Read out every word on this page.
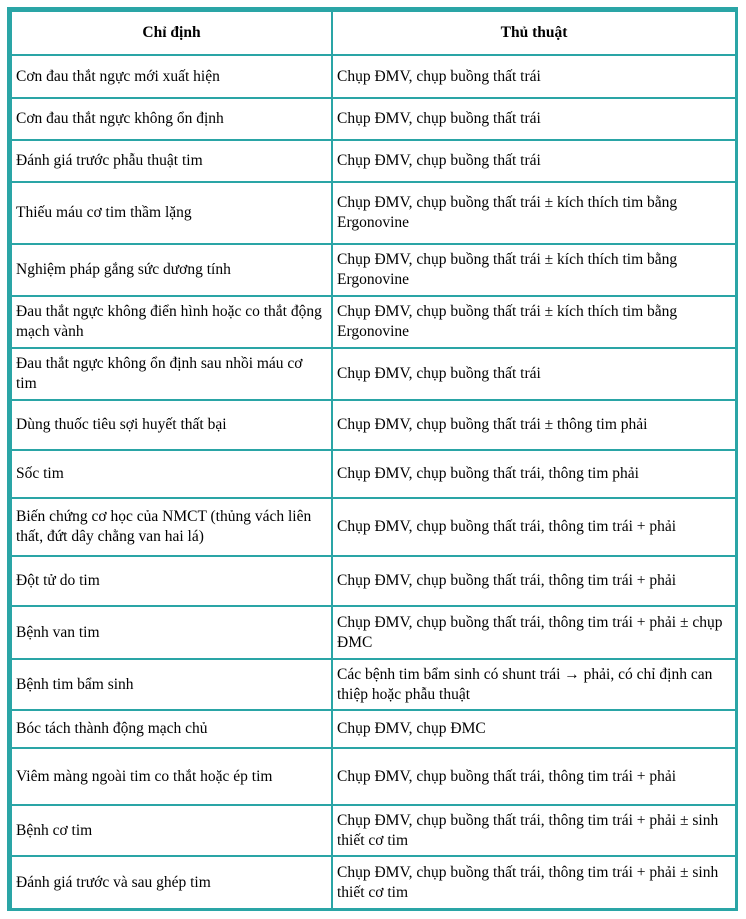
Chỉ định	Thủ thuật
Cơn đau thắt ngực mới xuất hiện	Chụp ĐMV, chụp buồng thất trái
Cơn đau thắt ngực không ổn định	Chụp ĐMV, chụp buồng thất trái
Đánh giá trước phẫu thuật tim	Chụp ĐMV, chụp buồng thất trái
Thiếu máu cơ tim thầm lặng	Chụp ĐMV, chụp buồng thất trái ± kích thích tim bằng Ergonovine
Nghiệm pháp gắng sức dương tính	Chụp ĐMV, chụp buồng thất trái ± kích thích tim bằng Ergonovine
Đau thắt ngực không điển hình hoặc co thắt động mạch vành	Chụp ĐMV, chụp buồng thất trái ± kích thích tim bằng Ergonovine
Đau thắt ngực không ổn định sau nhồi máu cơ tim	Chụp ĐMV, chụp buồng thất trái
Dùng thuốc tiêu sợi huyết thất bại	Chụp ĐMV, chụp buồng thất trái ± thông tim phải
Sốc tim	Chụp ĐMV, chụp buồng thất trái, thông tim phải
Biến chứng cơ học của NMCT (thủng vách liên thất, đứt dây chằng van hai lá)	Chụp ĐMV, chụp buồng thất trái, thông tim trái + phải
Đột tử do tim	Chụp ĐMV, chụp buồng thất trái, thông tim trái + phải
Bệnh van tim	Chụp ĐMV, chụp buồng thất trái, thông tim trái + phải ± chụp ĐMC
Bệnh tim bẩm sinh	Các bệnh tim bẩm sinh có shunt trái → phải, có chỉ định can thiệp hoặc phẫu thuật
Bóc tách thành động mạch chủ	Chụp ĐMV, chụp ĐMC
Viêm màng ngoài tim co thắt hoặc ép tim	Chụp ĐMV, chụp buồng thất trái, thông tim trái + phải
Bệnh cơ tim	Chụp ĐMV, chụp buồng thất trái, thông tim trái + phải ± sinh thiết cơ tim
Đánh giá trước và sau ghép tim	Chụp ĐMV, chụp buồng thất trái, thông tim trái + phải ± sinh thiết cơ tim
